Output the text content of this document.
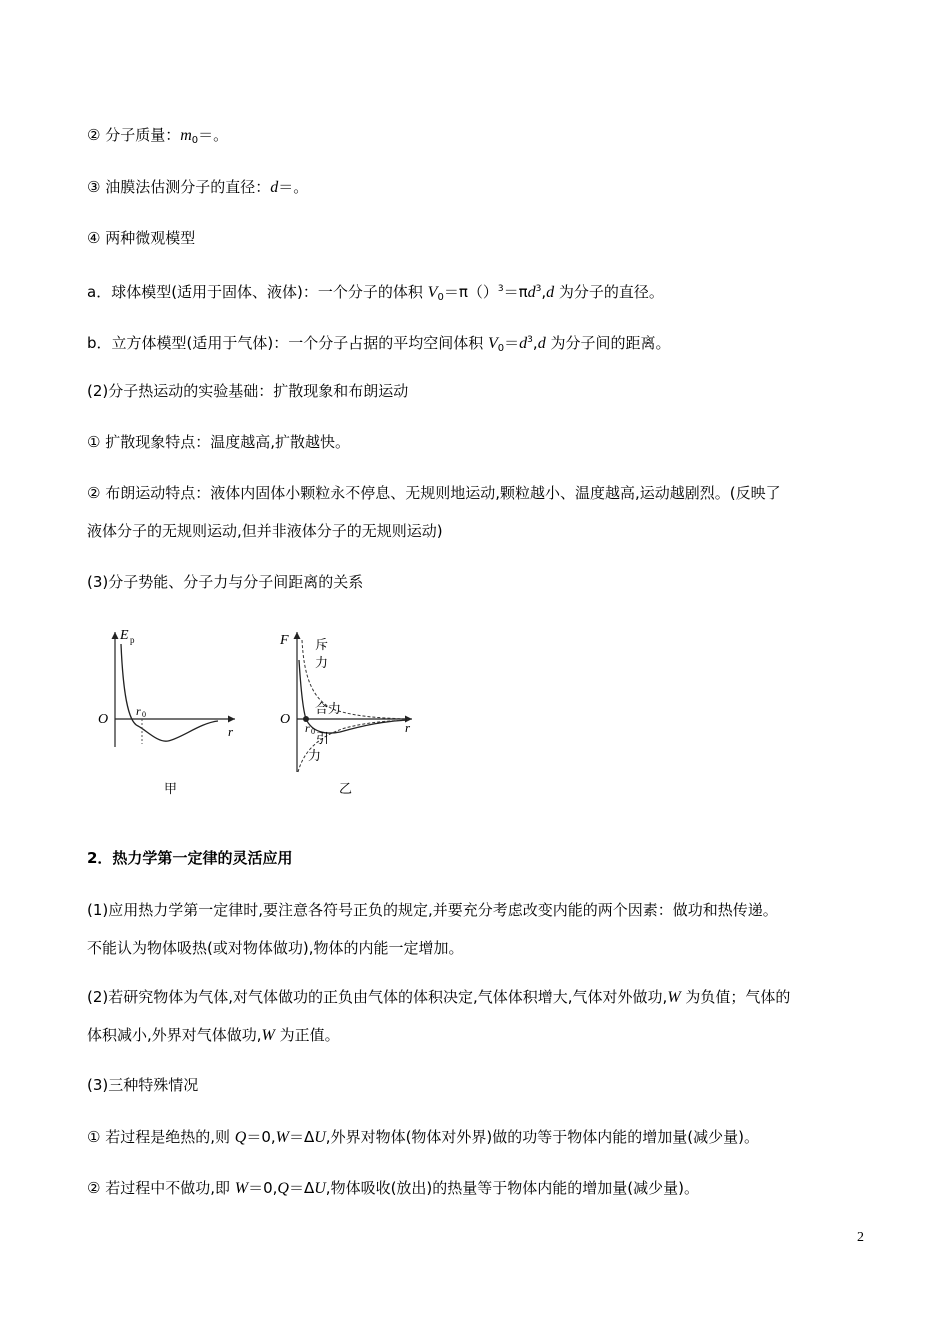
② 分子质量：$m_0=$。
③ 油膜法估测分子的直径：d＝。
④ 两种微观模型
a．球体模型(适用于固体、液体)：一个分子的体积 $V_0=\pi()^3=\pi d^3,d$ 为分子的直径。
b．立方体模型(适用于气体)：一个分子占据的平均空间体积 $V_0=d^3,d$ 为分子间的距离。
(2)分子热运动的实验基础：扩散现象和布朗运动
① 扩散现象特点：温度越高,扩散越快。
② 布朗运动特点：液体内固体小颗粒永不停息、无规则地运动,颗粒越小、温度越高,运动越剧烈。(反映了
液体分子的无规则运动,但并非液体分子的无规则运动)
(3)分子势能、分子力与分子间距离的关系
E p
O
r 0
r
甲
F
O
r 0	r
斥
力
合力
引
力
乙
2．热力学第一定律的灵活应用
(1)应用热力学第一定律时,要注意各符号正负的规定,并要充分考虑改变内能的两个因素：做功和热传递。
不能认为物体吸热(或对物体做功),物体的内能一定增加。
(2)若研究物体为气体,对气体做功的正负由气体的体积决定,气体体积增大,气体对外做功,W 为负值；气体的
体积减小,外界对气体做功,W 为正值。
(3)三种特殊情况
① 若过程是绝热的,则 Q＝0,W＝ΔU,外界对物体(物体对外界)做的功等于物体内能的增加量(减少量)。
② 若过程中不做功,即 W＝0,Q＝ΔU,物体吸收(放出)的热量等于物体内能的增加量(减少量)。
2
